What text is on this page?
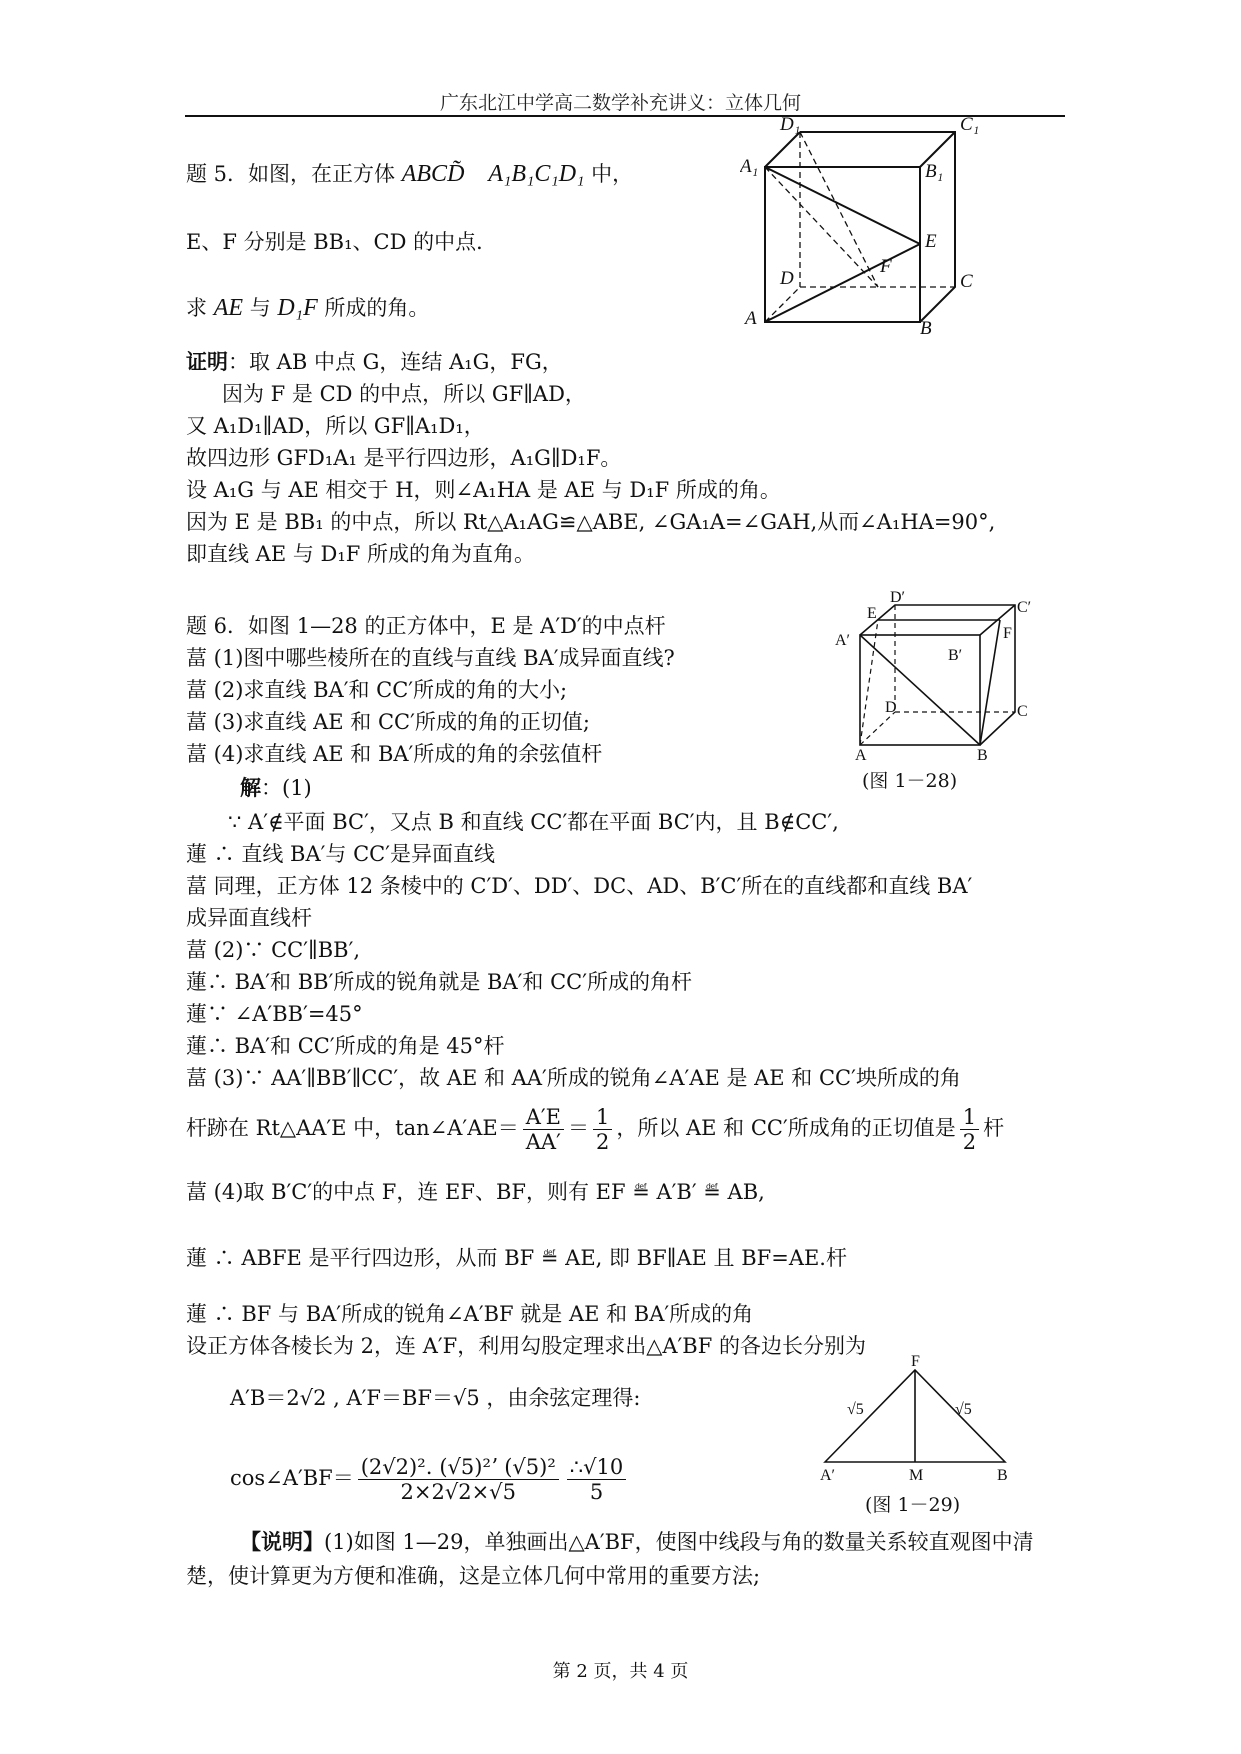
广东北江中学高二数学补充讲义：立体几何
题 5．如图，在正方体 ABCD̃　A₁B₁C₁D₁ 中，
E、F 分别是 BB₁、CD 的中点．
求 AE 与 D₁F 所成的角。
证明：取 AB 中点 G，连结 A₁G，FG，
因为 F 是 CD 的中点，所以 GF∥AD，
又 A₁D₁∥AD，所以 GF∥A₁D₁，
故四边形 GFD₁A₁ 是平行四边形，A₁G∥D₁F。
设 A₁G 与 AE 相交于 H，则∠A₁HA 是 AE 与 D₁F 所成的角。
因为 E 是 BB₁ 的中点，所以 Rt△A₁AG≌△ABE, ∠GA₁A=∠GAH,从而∠A₁HA=90°,
即直线 AE 与 D₁F 所成的角为直角。
D₁	C₁
A₁	B₁
E
F
D	C
A	B
题 6．如图 1—28 的正方体中，E 是 A′D′的中点杆
葍 (1)图中哪些棱所在的直线与直线 BA′成异面直线?
葍 (2)求直线 BA′和 CC′所成的角的大小;
葍 (3)求直线 AE 和 CC′所成的角的正切值;
葍 (4)求直线 AE 和 BA′所成的角的余弦值杆
解：(1)
∵ A′∉平面 BC′，又点 B 和直线 CC′都在平面 BC′内，且 B∉CC′,
蓮 ∴ 直线 BA′与 CC′是异面直线
葍 同理，正方体 12 条棱中的 C′D′、DD′、DC、AD、B′C′所在的直线都和直线 BA′
成异面直线杆
葍 (2)∵ CC′∥BB′,
蓮∴ BA′和 BB′所成的锐角就是 BA′和 CC′所成的角杆
蓮∵ ∠A′BB′=45°
蓮∴ BA′和 CC′所成的角是 45°杆
葍 (3)∵ AA′∥BB′∥CC′，故 AE 和 AA′所成的锐角∠A′AE 是 AE 和 CC′坱所成的角
杆跡在 Rt△AA′E 中，tan∠A′AE＝ $\frac{A'E}{AA'} = \frac{1}{2}$ ，所以 AE 和 CC′所成角的正切值是 $\frac{1}{2}$ 杆
葍 (4)取 B′C′的中点 F，连 EF、BF，则有 EF ≝ A′B′ ≝ AB,
蓮 ∴ ABFE 是平行四边形，从而 BF ≝ AE, 即 BF∥AE 且 BF=AE.杆
蓮 ∴ BF 与 BA′所成的锐角∠A′BF 就是 AE 和 BA′所成的角
设正方体各棱长为 2，连 A′F，利用勾股定理求出△A′BF 的各边长分别为
A′B＝2√2 , A′F＝BF＝√5 ，由余弦定理得:
cos∠A′BF＝ $\frac{\text{(2√2)²․ (√5)²ʼ (√5)²}}{2\times 2√2\times√5} \frac{\therefore√10}{5}$
【说明】(1)如图 1—29，单独画出△A′BF，使图中线段与角的数量关系较直观图中清
楚，使计算更为方便和准确，这是立体几何中常用的重要方法;
D′
C′
E
A′
B′
F
D	C
A	B
(图 1－28)
F
√5	√5
A′	M	B
(图 1－29)
第 2 页，共 4 页
